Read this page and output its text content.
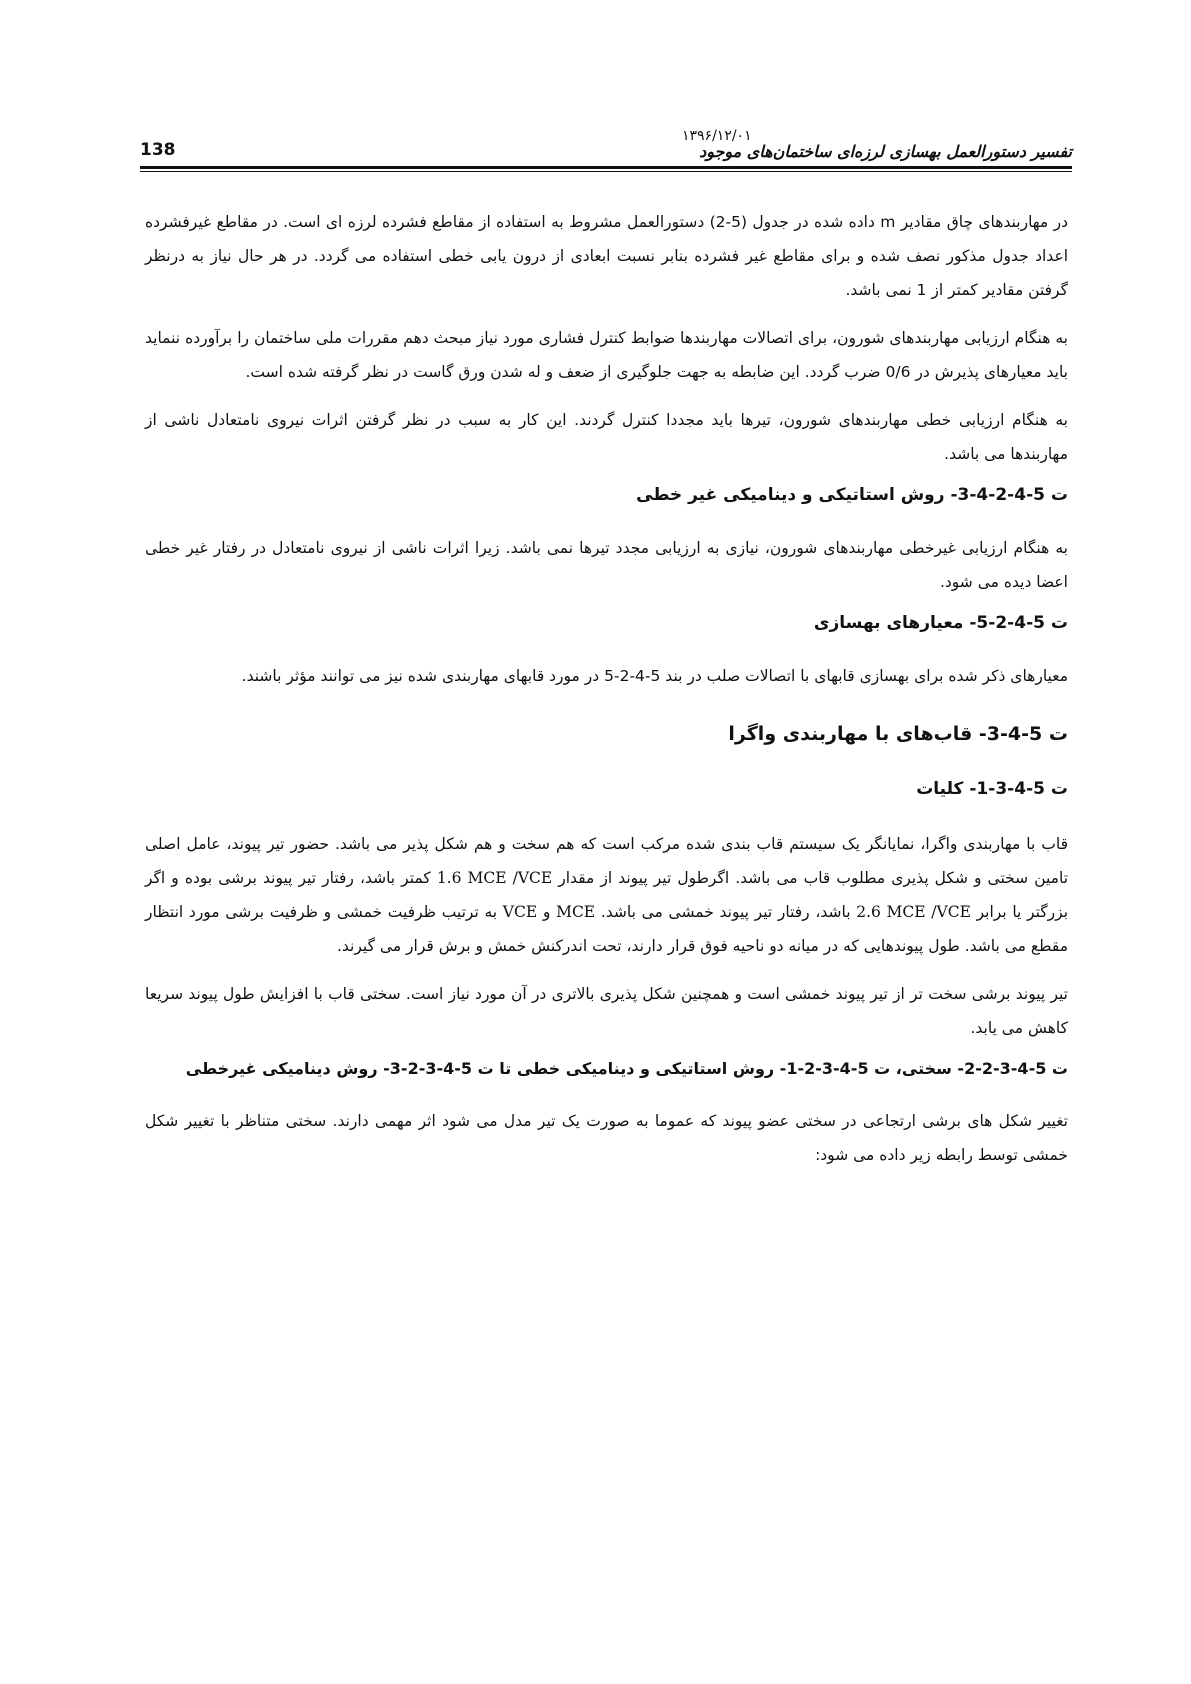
138
۱۳۹۶/۱۲/۰۱
تفسیر دستورالعمل بهسازی لرزه‌ای ساختمان‌های موجود

در مهاربندهای چاق مقادیر m داده شده در جدول (5-2) دستورالعمل مشروط به استفاده از مقاطع فشرده لرزه ای است. در مقاطع غیرفشرده اعداد جدول مذکور نصف شده و برای مقاطع غیر فشرده بنابر نسبت ابعادی از درون یابی خطی استفاده می گردد. در هر حال نیاز به درنظر گرفتن مقادیر کمتر از 1 نمی باشد.

به هنگام ارزیابی مهاربندهای شورون، برای اتصالات مهاربندها ضوابط کنترل فشاری مورد نیاز مبحث دهم مقررات ملی ساختمان را برآورده ننماید باید معیارهای پذیرش در 0/6 ضرب گردد. این ضابطه به جهت جلوگیری از ضعف و له شدن ورق گاست در نظر گرفته شده است.

به هنگام ارزیابی خطی مهاربندهای شورون، تیرها باید مجددا کنترل گردند. این کار به سبب در نظر گرفتن اثرات نیروی نامتعادل ناشی از مهاربندها می باشد.

ت 5-4-2-4-3- روش استاتیکی و دینامیکی غیر خطی

به هنگام ارزیابی غیرخطی مهاربندهای شورون، نیازی به ارزیابی مجدد تیرها نمی باشد. زیرا اثرات ناشی از نیروی نامتعادل در رفتار غیر خطی اعضا دیده می شود.

ت 5-4-2-5- معیارهای بهسازی

معیارهای ذکر شده برای بهسازی قابهای با اتصالات صلب در بند 5-4-2-5 در مورد قابهای مهاربندی شده نیز می توانند مؤثر باشند.

ت 5-4-3- قاب‌های با مهاربندی واگرا
ت 5-4-3-1- کلیات

قاب با مهاربندی واگرا، نمایانگر یک سیستم قاب بندی شده مرکب است که هم سخت و هم شکل پذیر می باشد. حضور تیر پیوند، عامل اصلی تامین سختی و شکل پذیری مطلوب قاب می باشد. اگرطول تیر پیوند از مقدار 1.6 MCE /VCE کمتر باشد، رفتار تیر پیوند برشی بوده و اگر بزرگتر یا برابر 2.6 MCE /VCE باشد، رفتار تیر پیوند خمشی می باشد. MCE و VCE به ترتیب ظرفیت خمشی و ظرفیت برشی مورد انتظار مقطع می باشد. طول پیوندهایی که در میانه دو ناحیه فوق قرار دارند، تحت اندرکنش خمش و برش قرار می گیرند.

تیر پیوند برشی سخت تر از تیر پیوند خمشی است و همچنین شکل پذیری بالاتری در آن مورد نیاز است. سختی قاب با افزایش طول پیوند سریعا کاهش می یابد.

ت 5-4-3-2-2- سختی، ت 5-4-3-2-1- روش استاتیکی و دینامیکی خطی تا ت 5-4-3-2-3- روش دینامیکی غیرخطی

تغییر شکل های برشی ارتجاعی در سختی عضو پیوند که عموما به صورت یک تیر مدل می شود اثر مهمی دارند. سختی متناظر با تغییر شکل خمشی توسط رابطه زیر داده می شود:
